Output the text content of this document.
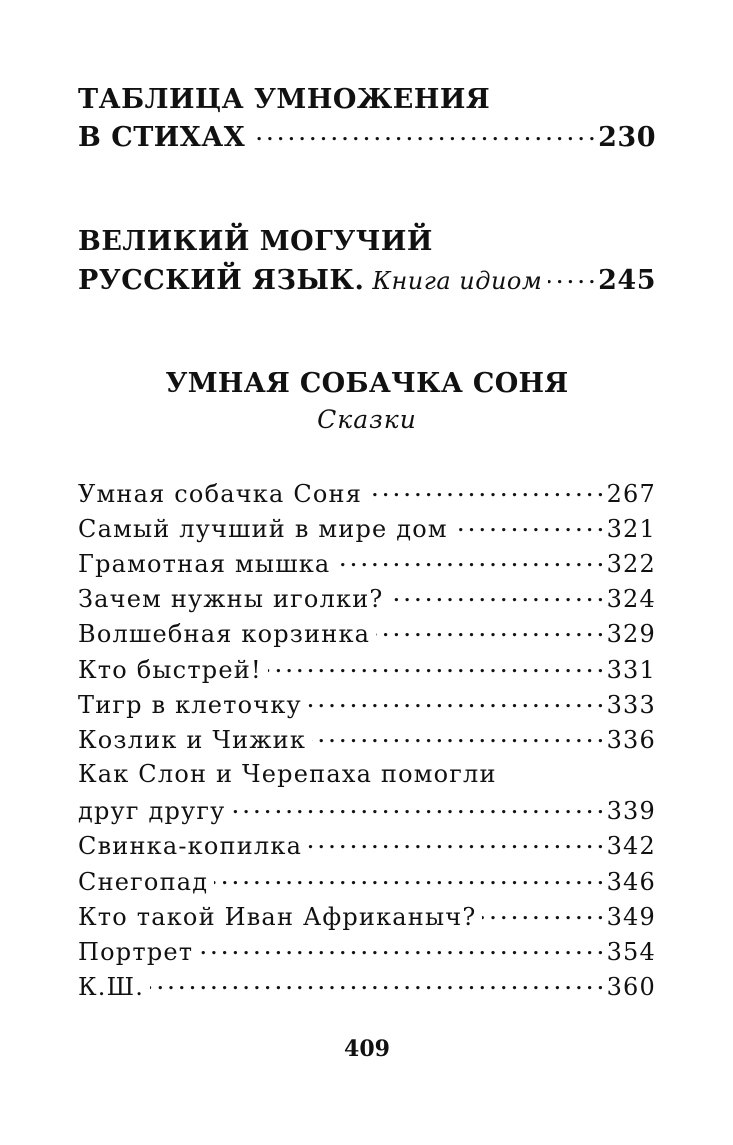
ТАБЛИЦА УМНОЖЕНИЯ
В СТИХАХ . . .	230
ВЕЛИКИЙ МОГУЧИЙ
РУССКИЙ ЯЗЫК. Книга идиом . . . 245
УМНАЯ СОБАЧКА СОНЯ
Сказки
Умная собачка Соня . . .	267
Самый лучший в мире дом . . .	321
Грамотная мышка . . .	322
Зачем нужны иголки? . . .	324
Волшебная корзинка . . .	329
Кто быстрей! . . .	331
Тигр в клеточку . . .	333
Козлик и Чижик . . .	336
Как Слон и Черепаха помогли
друг другу . . .	339
Свинка-копилка . . .	342
Снегопад . . .	346
Кто такой Иван Африканыч? . . .	349
Портрет . . .	354
К.Ш. . . .	360
409
